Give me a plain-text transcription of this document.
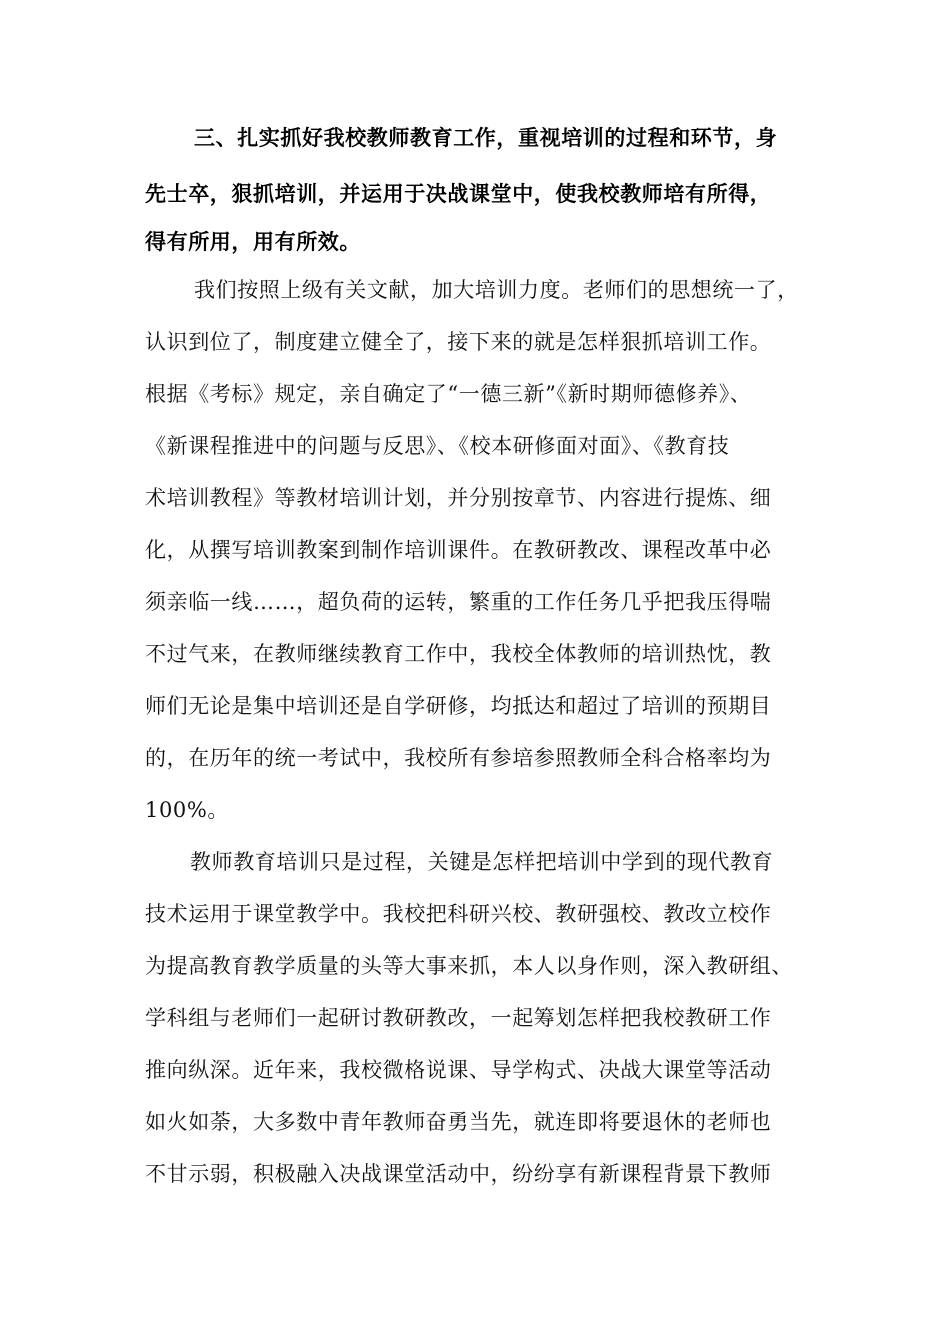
三、扎实抓好我校教师教育工作，重视培训的过程和环节，身
先士卒，狠抓培训，并运用于决战课堂中，使我校教师培有所得，
得有所用，用有所效。
我们按照上级有关文献，加大培训力度。老师们的思想统一了，
认识到位了，制度建立健全了，接下来的就是怎样狠抓培训工作。
根据《考标》规定，亲自确定了“一德三新”《新时期师德修养》、
《新课程推进中的问题与反思》、《校本研修面对面》、《教育技
术培训教程》等教材培训计划，并分别按章节、内容进行提炼、细
化，从撰写培训教案到制作培训课件。在教研教改、课程改革中必
须亲临一线……，超负荷的运转，繁重的工作任务几乎把我压得喘
不过气来，在教师继续教育工作中，我校全体教师的培训热忱，教
师们无论是集中培训还是自学研修，均抵达和超过了培训的预期目
的，在历年的统一考试中，我校所有参培参照教师全科合格率均为
100%。
教师教育培训只是过程，关键是怎样把培训中学到的现代教育
技术运用于课堂教学中。我校把科研兴校、教研强校、教改立校作
为提高教育教学质量的头等大事来抓，本人以身作则，深入教研组、
学科组与老师们一起研讨教研教改，一起筹划怎样把我校教研工作
推向纵深。近年来，我校微格说课、导学构式、决战大课堂等活动
如火如荼，大多数中青年教师奋勇当先，就连即将要退休的老师也
不甘示弱，积极融入决战课堂活动中，纷纷享有新课程背景下教师
